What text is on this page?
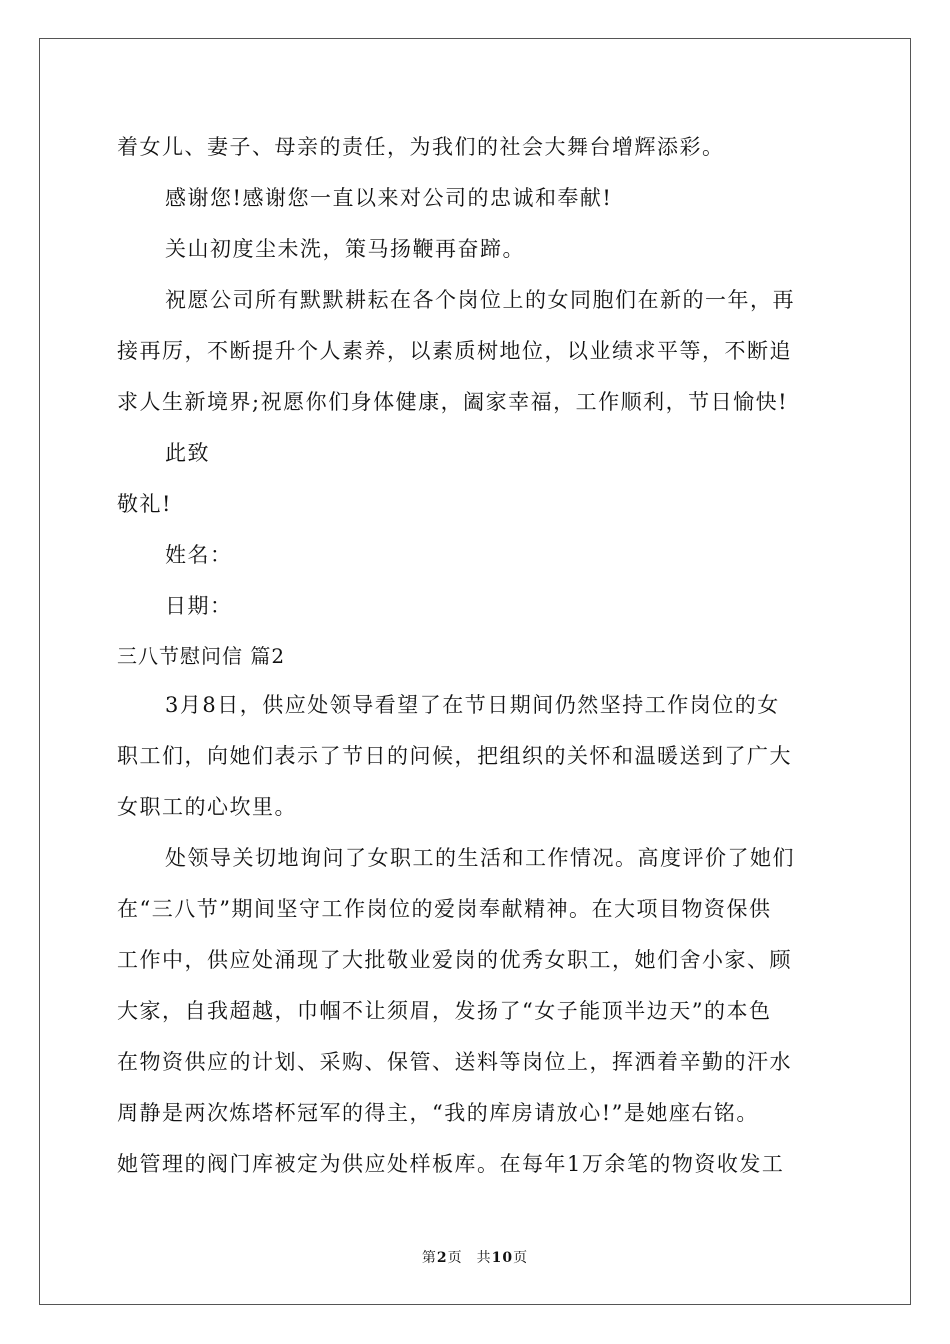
着女儿、妻子、母亲的责任，为我们的社会大舞台增辉添彩。
感谢您!感谢您一直以来对公司的忠诚和奉献!
关山初度尘未洗，策马扬鞭再奋蹄。
祝愿公司所有默默耕耘在各个岗位上的女同胞们在新的一年，再
接再厉，不断提升个人素养，以素质树地位，以业绩求平等，不断追
求人生新境界;祝愿你们身体健康，阖家幸福，工作顺利，节日愉快!
此致
敬礼!
姓名：
日期：
三八节慰问信 篇2
3月8日，供应处领导看望了在节日期间仍然坚持工作岗位的女
职工们，向她们表示了节日的问候，把组织的关怀和温暖送到了广大
女职工的心坎里。
处领导关切地询问了女职工的生活和工作情况。高度评价了她们
在“三八节”期间坚守工作岗位的爱岗奉献精神。在大项目物资保供
工作中，供应处涌现了大批敬业爱岗的优秀女职工，她们舍小家、顾
大家，自我超越，巾帼不让须眉，发扬了“女子能顶半边天”的本色
在物资供应的计划、采购、保管、送料等岗位上，挥洒着辛勤的汗水
周静是两次炼塔杯冠军的得主，“我的库房请放心!”是她座右铭。
她管理的阀门库被定为供应处样板库。在每年1万余笔的物资收发工
第2页 共10页
